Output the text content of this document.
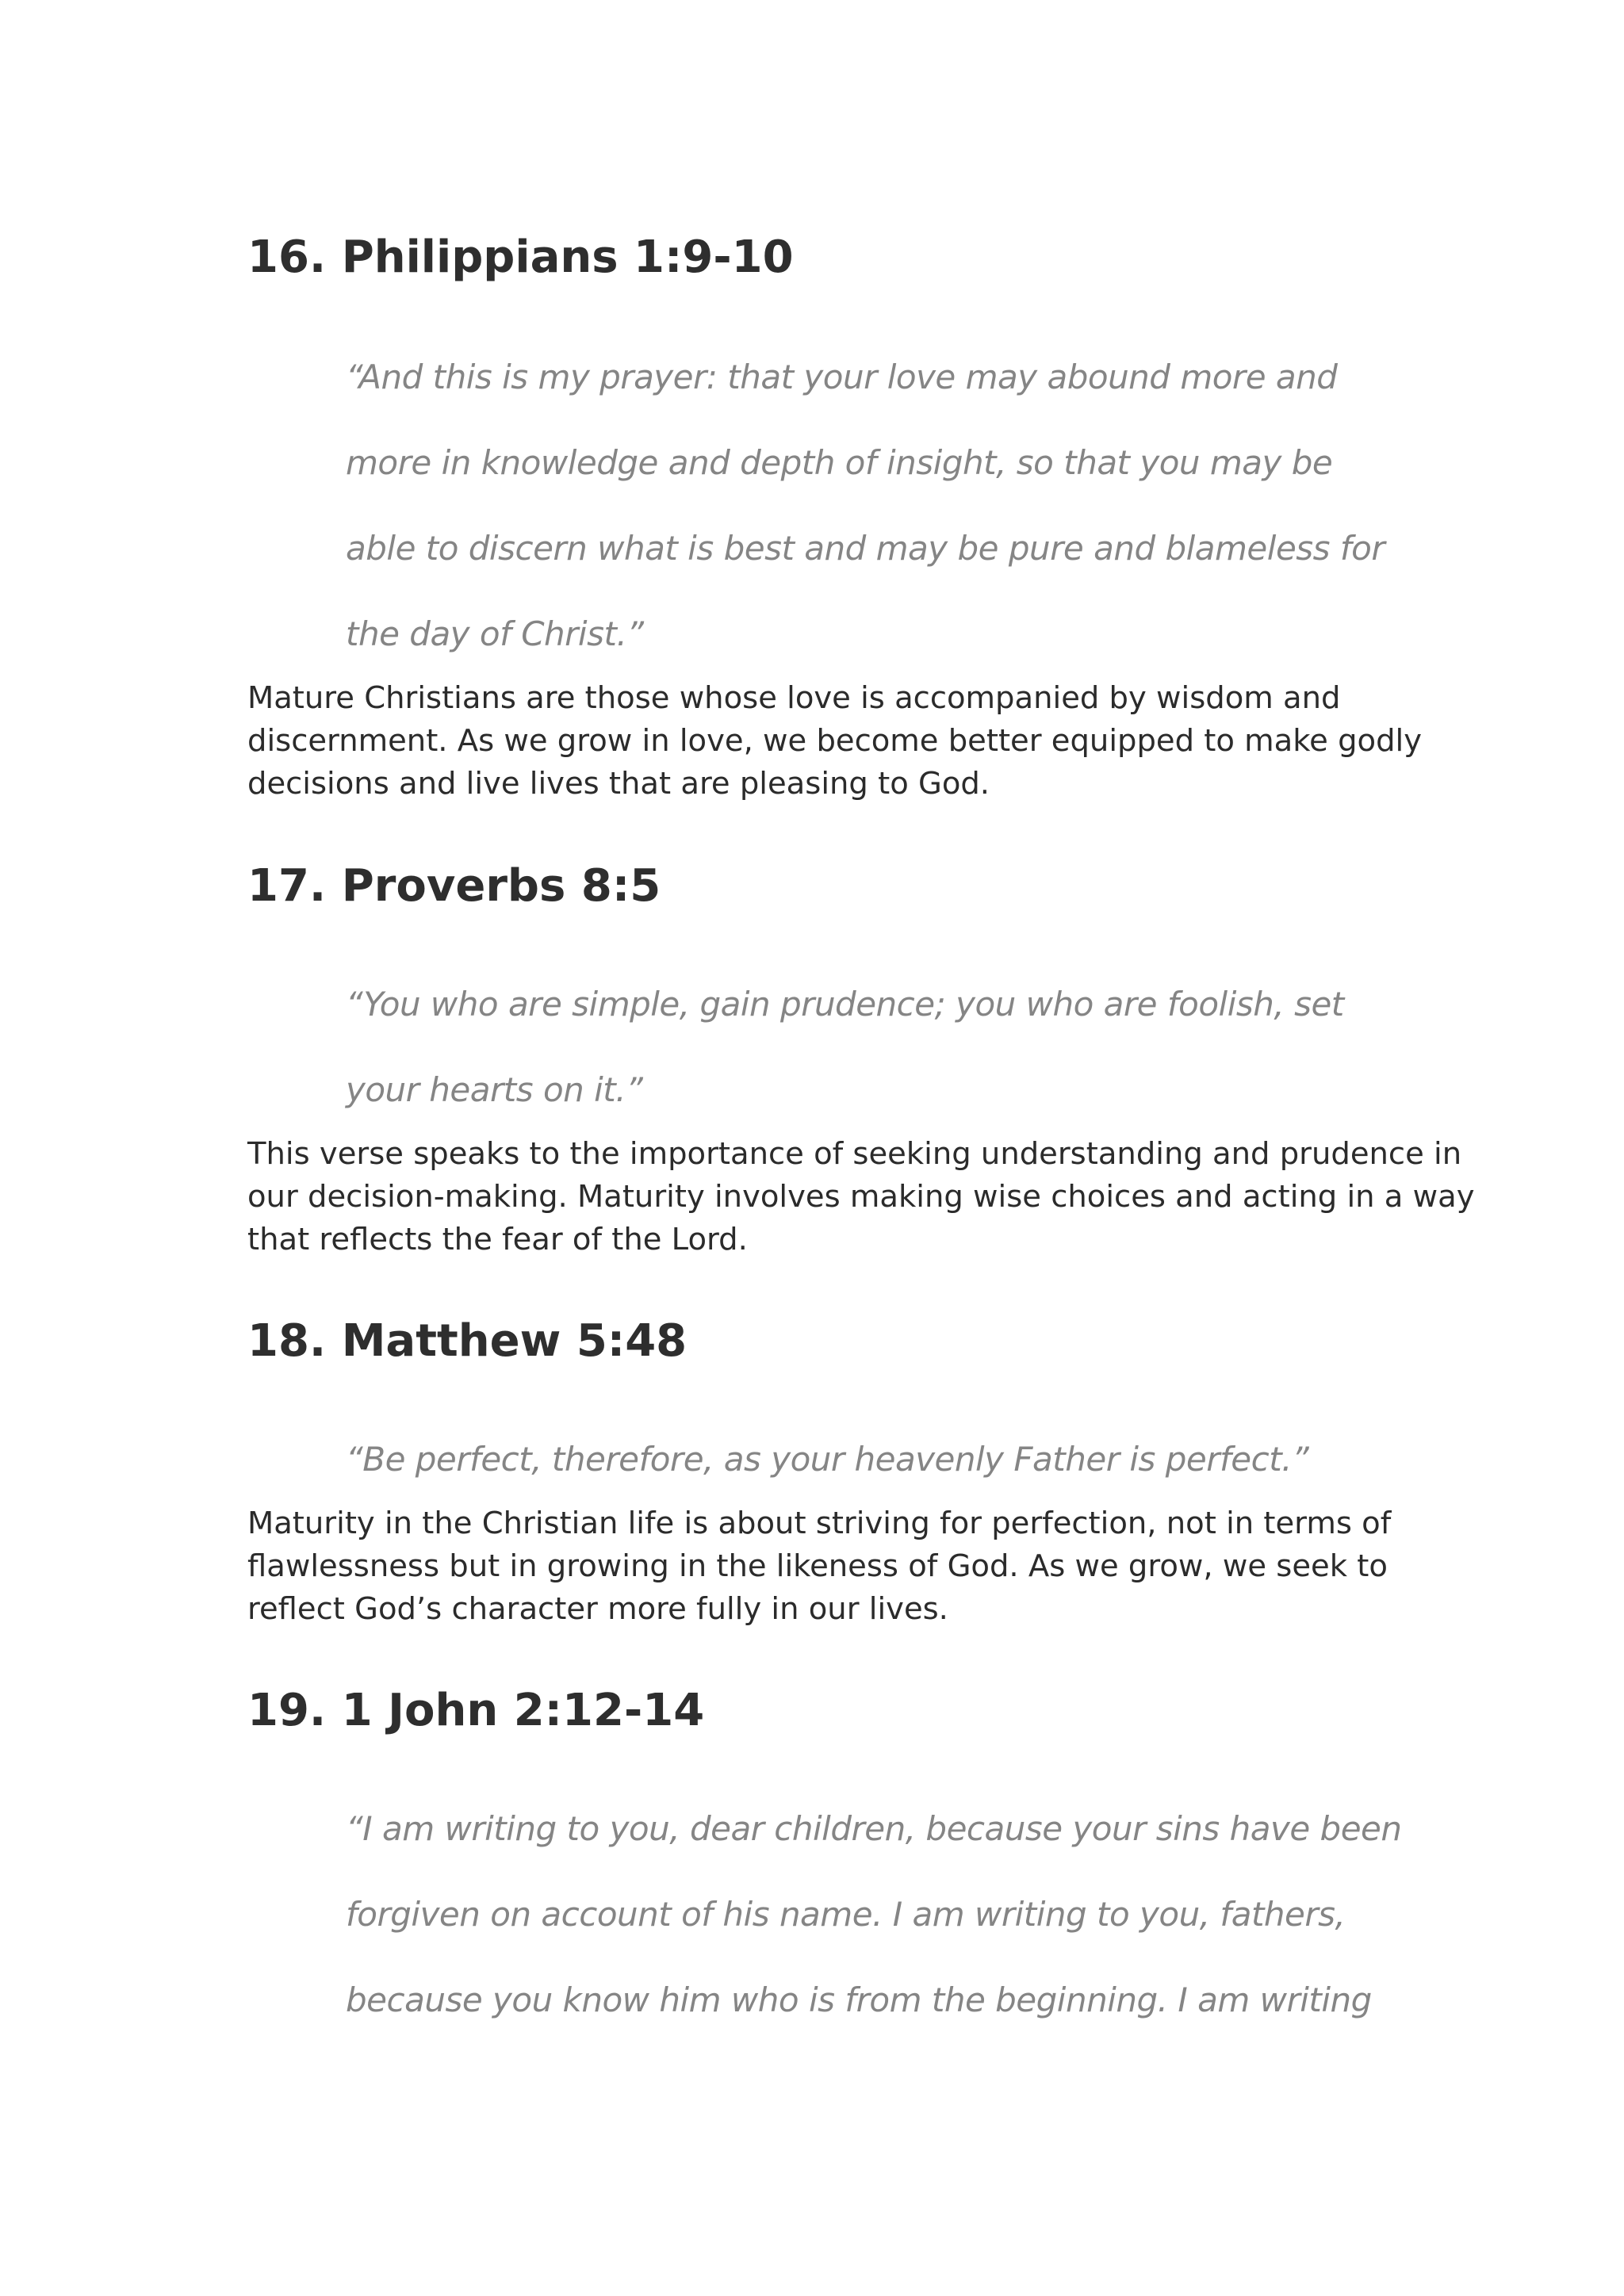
16. Philippians 1:9-10

“And this is my prayer: that your love may abound more and

more in knowledge and depth of insight, so that you may be

able to discern what is best and may be pure and blameless for

the day of Christ.”

Mature Christians are those whose love is accompanied by wisdom and

discernment. As we grow in love, we become better equipped to make godly

decisions and live lives that are pleasing to God.

17. Proverbs 8:5

“You who are simple, gain prudence; you who are foolish, set

your hearts on it.”

This verse speaks to the importance of seeking understanding and prudence in

our decision-making. Maturity involves making wise choices and acting in a way

that reflects the fear of the Lord.

18. Matthew 5:48

“Be perfect, therefore, as your heavenly Father is perfect.”

Maturity in the Christian life is about striving for perfection, not in terms of

flawlessness but in growing in the likeness of God. As we grow, we seek to

reflect God’s character more fully in our lives.

19. 1 John 2:12-14

“I am writing to you, dear children, because your sins have been

forgiven on account of his name. I am writing to you, fathers,

because you know him who is from the beginning. I am writing
